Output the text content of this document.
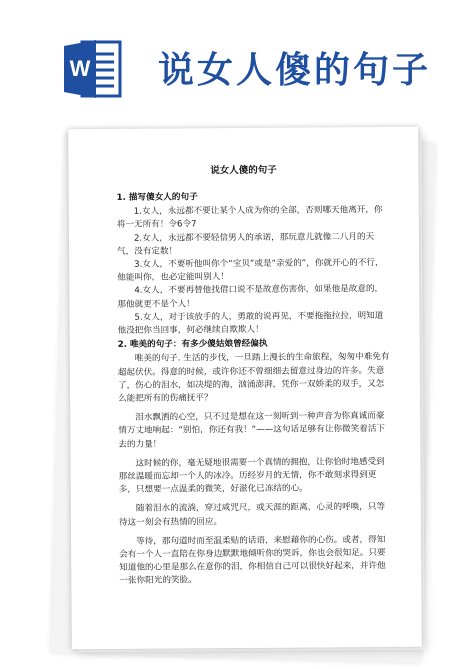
W 说女人傻的句子
说女人傻的句子
1. 描写傻女人的句子

1.女人，永远都不要让某个人成为你的全部，否则哪天他离开，你将一无所有！令6令7

2.女人，永远都不要轻信男人的承诺，那玩意儿就像二八月的天气，没有定数！

3.女人，不要听他叫你个“宝贝”或是“亲爱的”，你就开心的不行，他能叫你，也必定能叫别人！

4.女人，不要再替他找借口说不是故意伤害你，如果他是故意的，那他就更不是个人！

5.女人，对于该放手的人，勇敢的说再见，不要拖拖拉拉，明知道他没把你当回事，何必继续自欺欺人！

2. 唯美的句子：有多少傻姑娘曾经偏执

唯美的句子. 生活的步伐，一旦踏上漫长的生命旅程，匆匆中难免有超起伏伏。得意的时候，或许你还不曾细细去留意过身边的许多。失意了，伤心的泪水，如决堤的海，汹涌澎湃，凭你一双娇柔的双手，又怎么能把所有的伤痛抚平？

泪水飘洒的心空，只不过是想在这一刻听到一种声音为你真诚而豪情万丈地响起：“别怕，你还有我！”——这句话足够有让你微笑着活下去的力量！

这时候的你，毫无疑地很需要一个真情的拥抱，让你恰时地感受到那丝温暖而忘却一个人的冰冷。历经岁月的无情，你不敢刻求得到更多，只想要一点温柔的微笑，好滋化已冻结的心。

随着泪水的流淌，穿过咸咒尺，或天涯的距离，心灵的呼唤，只等待这一刻会有热情的回应。

等待，那句道时而至温柔贴的话语，来慰藉你的心伤。或者，得知会有一个人一直陪在你身边默默地倾听你的哭诉，你也会很知足。只要知道他的心里是那么在意你的泪，你相信自己可以很快好起来，并许他一张你阳光的笑脸。
